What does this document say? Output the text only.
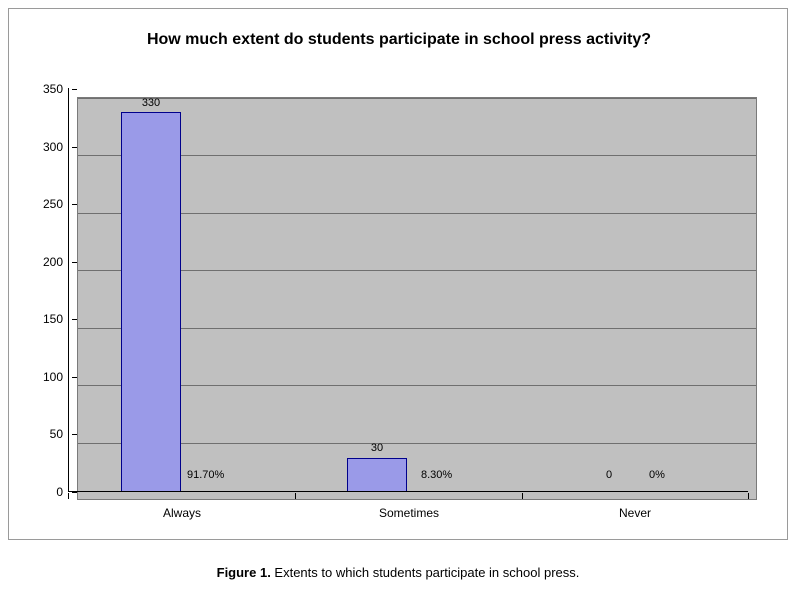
How much extent do students participate in school press activity?
330
91.70%
30
8.30%	0	0%
350
300
250
200
150
100
50
0
Always	Sometimes	Never
Figure 1. Extents to which students participate in school press.
